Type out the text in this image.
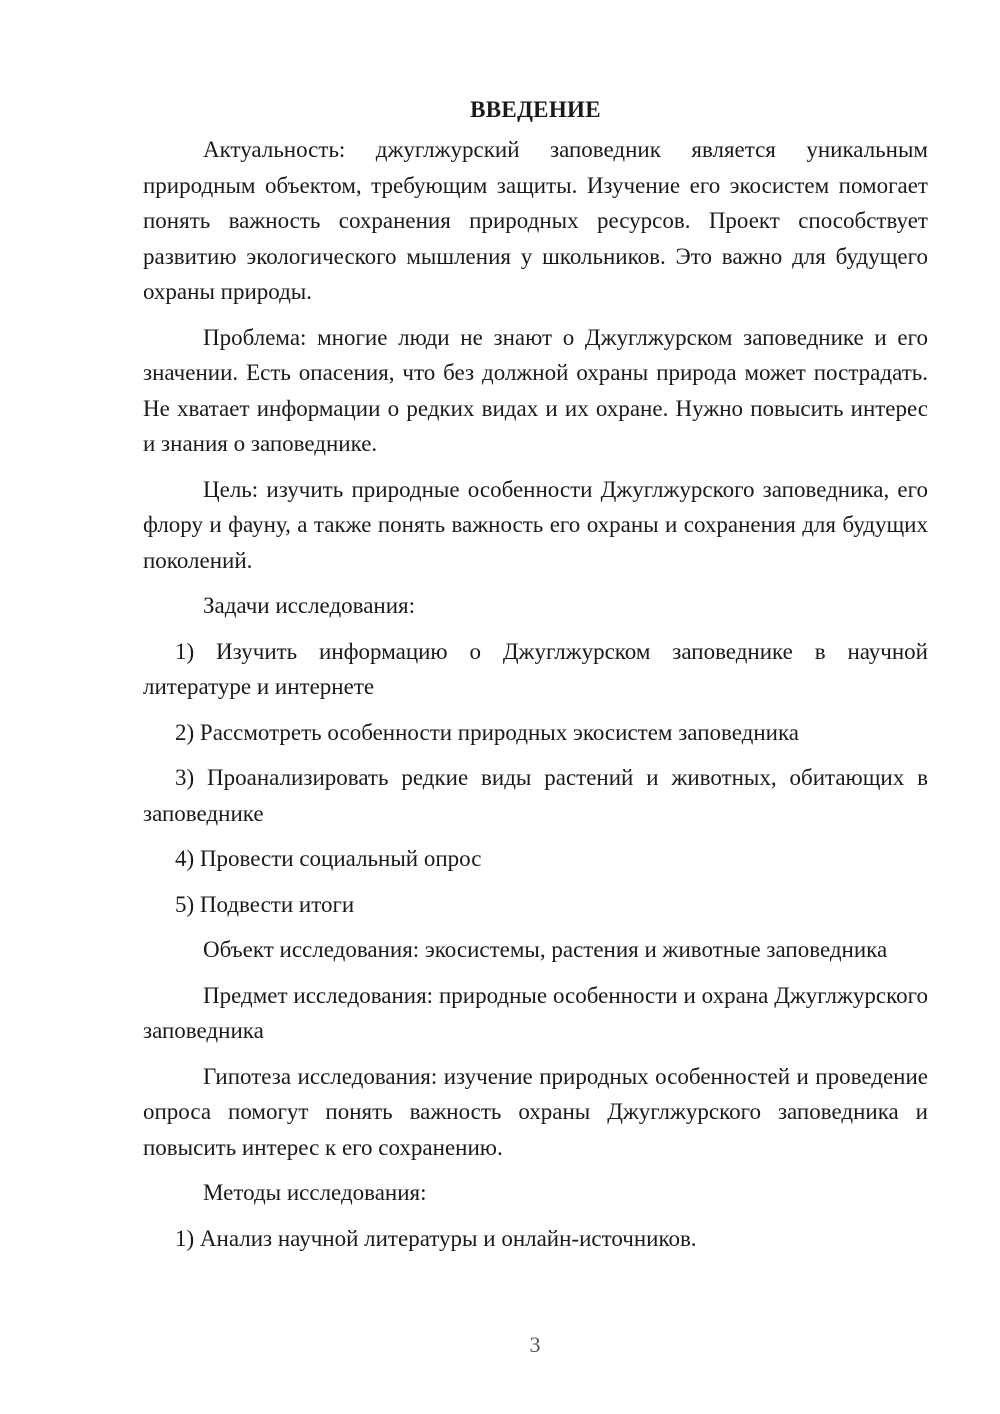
ВВЕДЕНИЕ

Актуальность: джуглжурский заповедник является уникальным природным объектом, требующим защиты. Изучение его экосистем помогает понять важность сохранения природных ресурсов. Проект способствует развитию экологического мышления у школьников. Это важно для будущего охраны природы.

Проблема: многие люди не знают о Джуглжурском заповеднике и его значении. Есть опасения, что без должной охраны природа может пострадать. Не хватает информации о редких видах и их охране. Нужно повысить интерес и знания о заповеднике.

Цель: изучить природные особенности Джуглжурского заповедника, его флору и фауну, а также понять важность его охраны и сохранения для будущих поколений.

Задачи исследования:

1) Изучить информацию о Джуглжурском заповеднике в научной литературе и интернете

2) Рассмотреть особенности природных экосистем заповедника

3) Проанализировать редкие виды растений и животных, обитающих в заповеднике

4) Провести социальный опрос

5) Подвести итоги

Объект исследования: экосистемы, растения и животные заповедника

Предмет исследования: природные особенности и охрана Джуглжурского заповедника

Гипотеза исследования: изучение природных особенностей и проведение опроса помогут понять важность охраны Джуглжурского заповедника и повысить интерес к его сохранению.

Методы исследования:

1) Анализ научной литературы и онлайн-источников.

3
